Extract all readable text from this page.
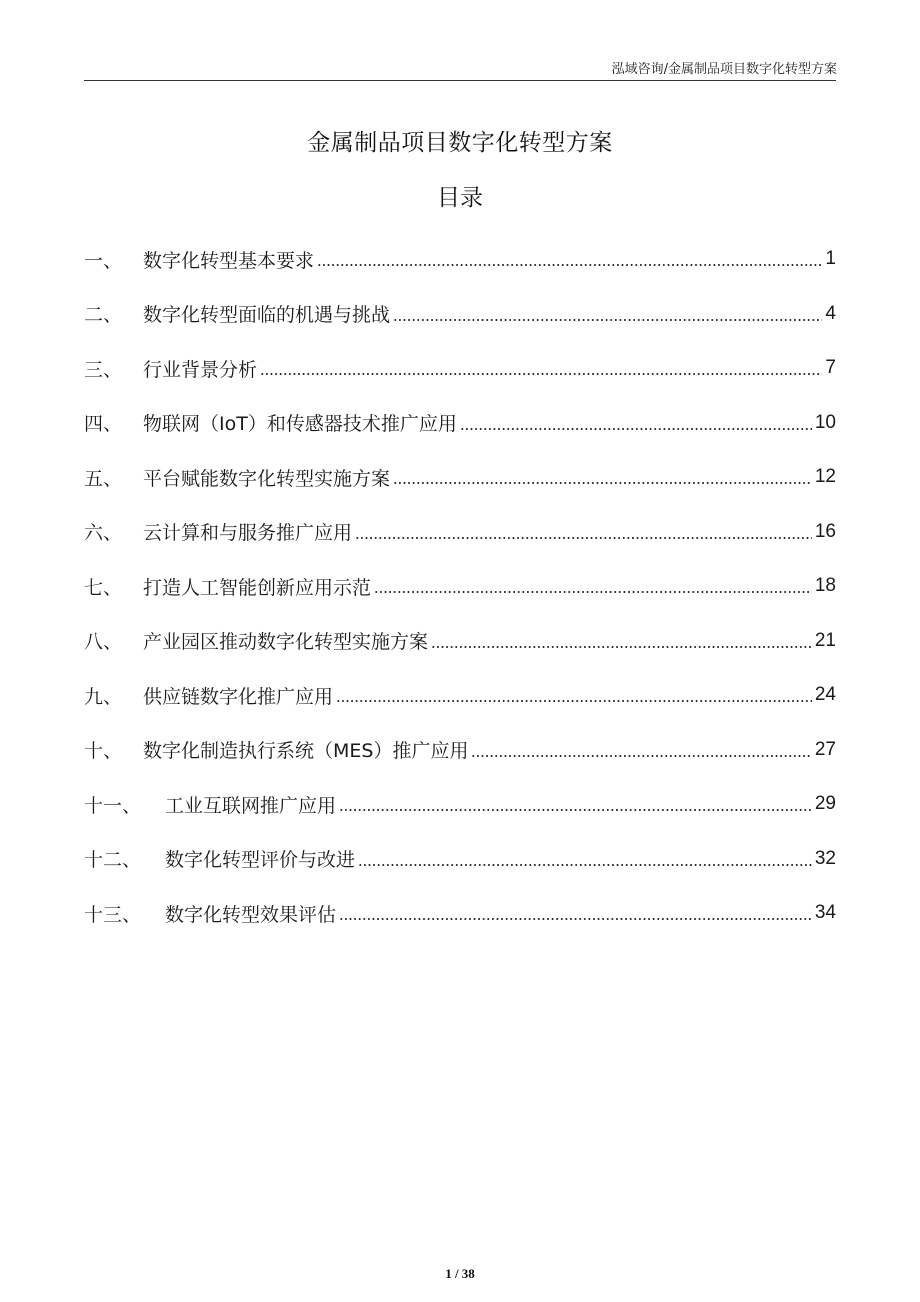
泓域咨询/金属制品项目数字化转型方案
金属制品项目数字化转型方案
目录
一、	数字化转型基本要求	1
二、	数字化转型面临的机遇与挑战	4
三、	行业背景分析	7
四、	物联网（IoT）和传感器技术推广应用	10
五、	平台赋能数字化转型实施方案	12
六、	云计算和与服务推广应用	16
七、	打造人工智能创新应用示范	18
八、	产业园区推动数字化转型实施方案	21
九、	供应链数字化推广应用	24
十、	数字化制造执行系统（MES）推广应用	27
十一、	工业互联网推广应用	29
十二、	数字化转型评价与改进	32
十三、	数字化转型效果评估	34
1 / 38
